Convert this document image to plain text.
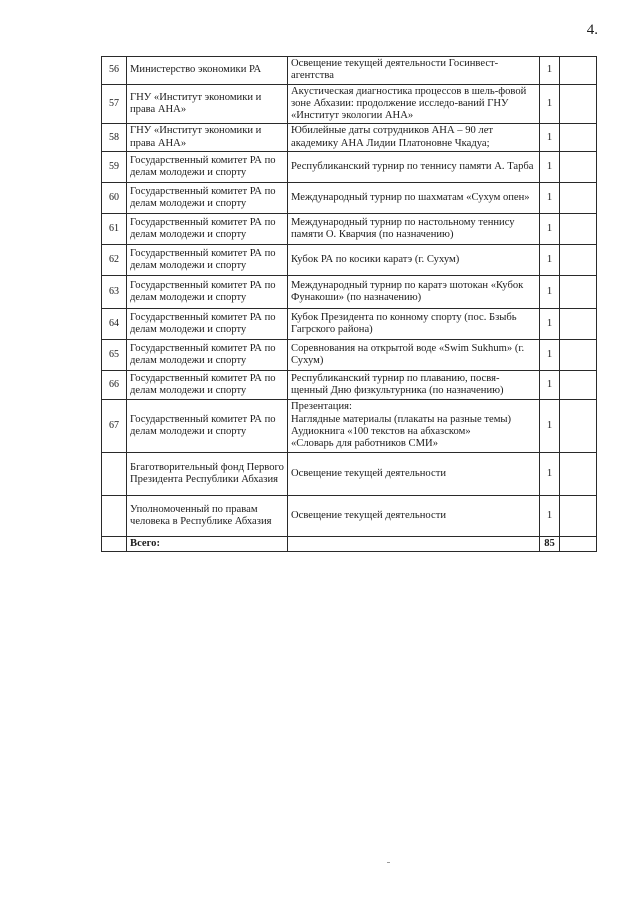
4.
56	Министерство экономики РА	Освещение текущей деятельности Госинвест-агентства	1	
57	ГНУ «Институт экономики и права АНА»	Акустическая диагностика процессов в шель-фовой зоне Абхазии: продолжение исследо-ваний ГНУ «Институт экологии АНА»	1	
58	ГНУ «Институт экономики и права АНА»	Юбилейные даты сотрудников АНА – 90 лет академику АНА Лидии Платоновне Чкадуа;	1	
59	Государственный комитет РА по делам молодежи и спорту	Республиканский турнир по теннису памяти А. Тарба	1	
60	Государственный комитет РА по делам молодежи и спорту	Международный турнир по шахматам «Сухум опен»	1	
61	Государственный комитет РА по делам молодежи и спорту	Международный турнир по настольному теннису памяти О. Кварчия (по назначению)	1	
62	Государственный комитет РА по делам молодежи и спорту	Кубок РА по косики каратэ (г. Сухум)	1	
63	Государственный комитет РА по делам молодежи и спорту	Международный турнир по каратэ шотокан «Кубок Фунакоши» (по назначению)	1	
64	Государственный комитет РА по делам молодежи и спорту	Кубок Президента по конному спорту (пос. Бзыбь Гагрского района)	1	
65	Государственный комитет РА по делам молодежи и спорту	Соревнования на открытой воде «Swim Sukhum» (г. Сухум)	1	
66	Государственный комитет РА по делам молодежи и спорту	Республиканский турнир по плаванию, посвя-щенный Дню физкультурника (по назначению)	1	
67	Государственный комитет РА по делам молодежи и спорту	Презентация:
Наглядные материалы (плакаты на разные темы)
Аудиокнига «100 текстов на абхазском»
«Словарь для работников СМИ»	1	
	Бгаготворительный фонд Первого Президента Республики Абхазия	Освещение текущей деятельности	1	
	Уполномоченный по правам человека в Республике Абхазия	Освещение текущей деятельности	1	
	Всего:		85	
